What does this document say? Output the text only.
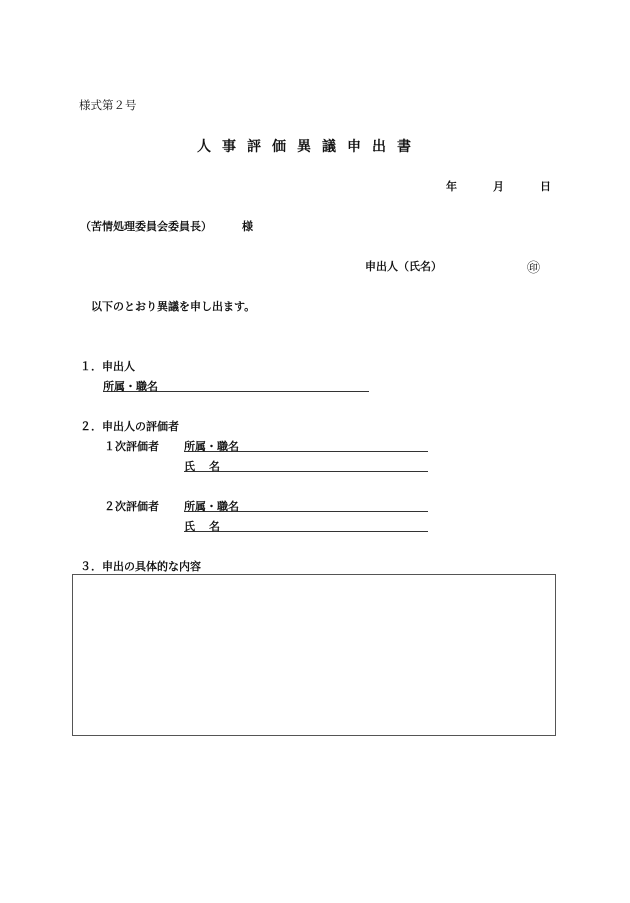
様式第２号
人事評価異議申出書
年	月	日
（苦情処理委員会委員長）	様
申出人（氏名）	㊞
以下のとおり異議を申し出ます。
１．申出人
所属・職名
２．申出人の評価者
１次評価者 所属・職名
氏名
２次評価者 所属・職名
氏名
３．申出の具体的な内容
